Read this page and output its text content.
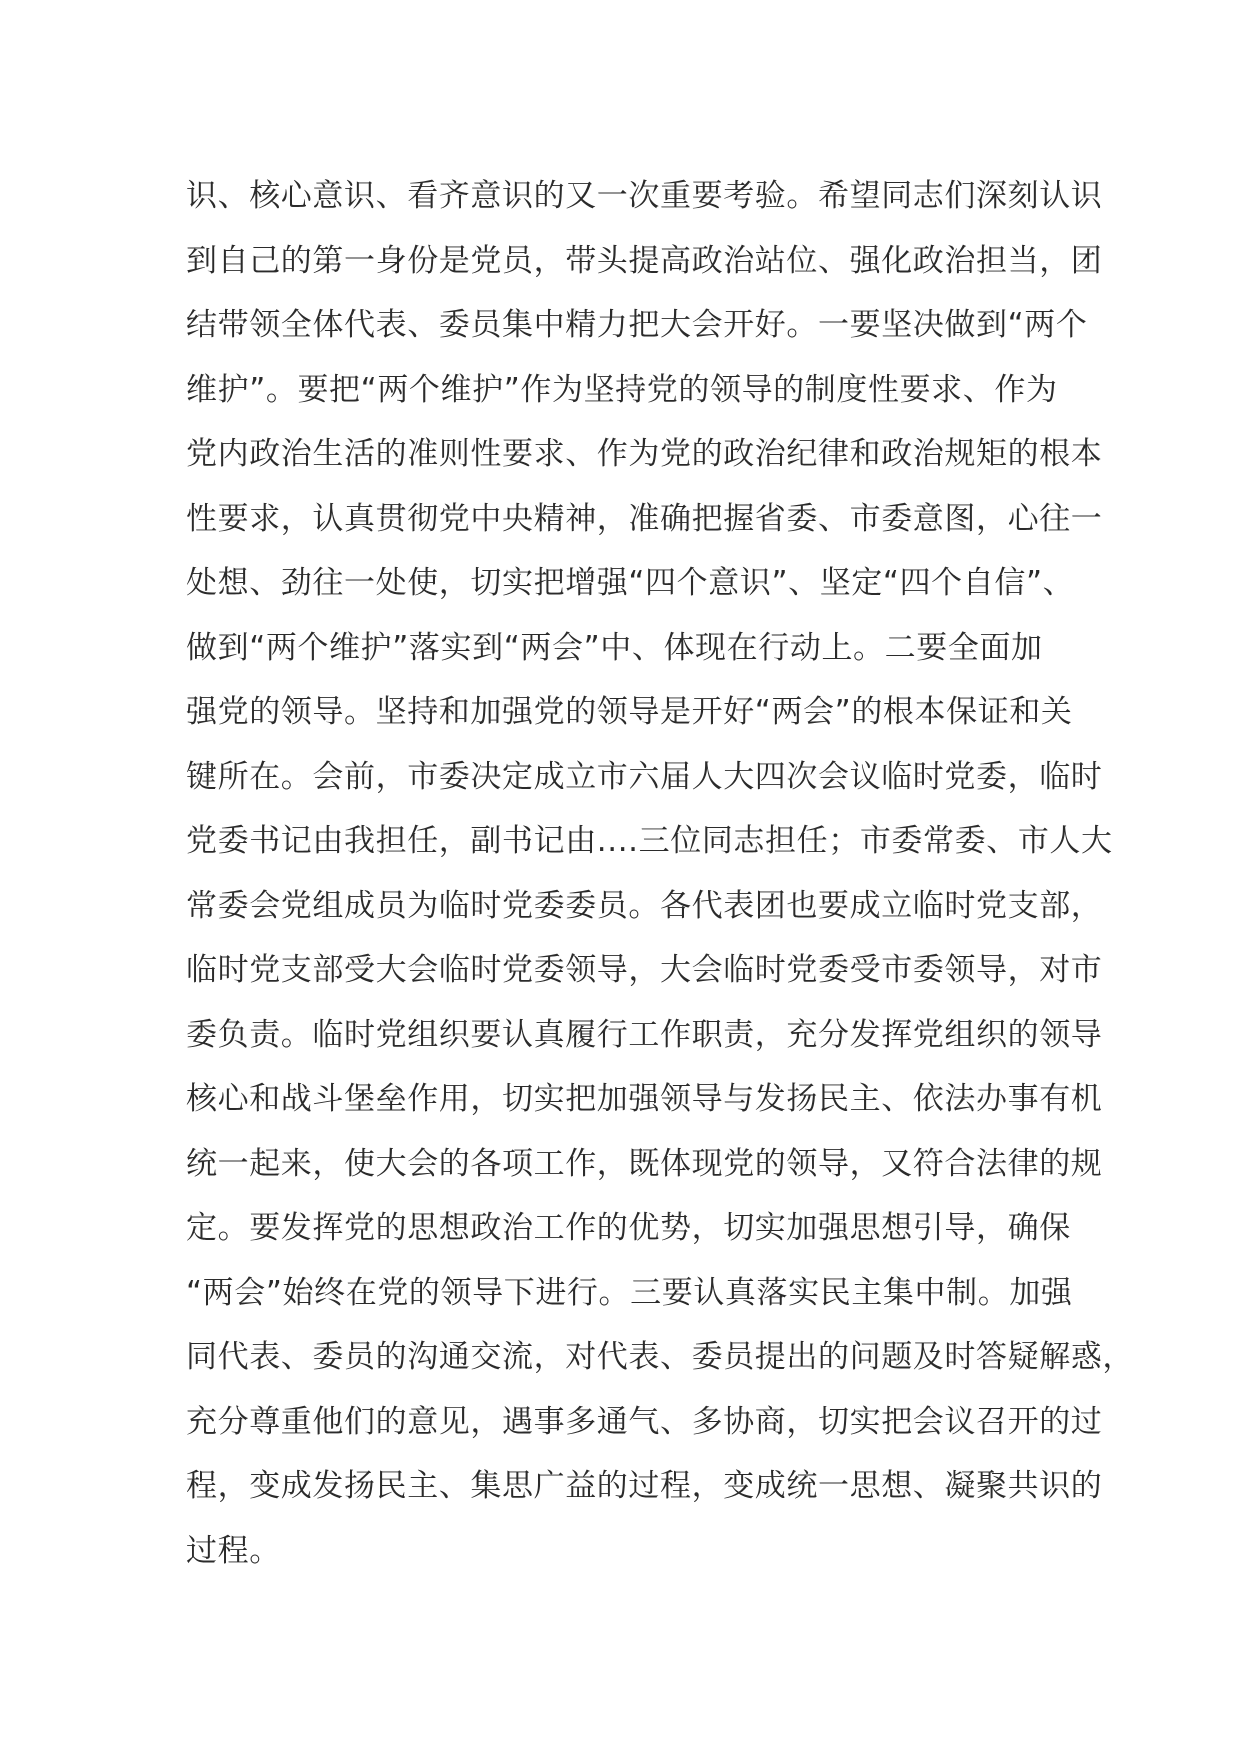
识、核心意识、看齐意识的又一次重要考验。希望同志们深刻认识
到自己的第一身份是党员，带头提高政治站位、强化政治担当，团
结带领全体代表、委员集中精力把大会开好。一要坚决做到“两个
维护”。要把“两个维护”作为坚持党的领导的制度性要求、作为
党内政治生活的准则性要求、作为党的政治纪律和政治规矩的根本
性要求，认真贯彻党中央精神，准确把握省委、市委意图，心往一
处想、劲往一处使，切实把增强“四个意识”、坚定“四个自信”、
做到“两个维护”落实到“两会”中、体现在行动上。二要全面加
强党的领导。坚持和加强党的领导是开好“两会”的根本保证和关
键所在。会前，市委决定成立市六届人大四次会议临时党委，临时
党委书记由我担任，副书记由....三位同志担任；市委常委、市人大
常委会党组成员为临时党委委员。各代表团也要成立临时党支部，
临时党支部受大会临时党委领导，大会临时党委受市委领导，对市
委负责。临时党组织要认真履行工作职责，充分发挥党组织的领导
核心和战斗堡垒作用，切实把加强领导与发扬民主、依法办事有机
统一起来，使大会的各项工作，既体现党的领导，又符合法律的规
定。要发挥党的思想政治工作的优势，切实加强思想引导，确保
“两会”始终在党的领导下进行。三要认真落实民主集中制。加强
同代表、委员的沟通交流，对代表、委员提出的问题及时答疑解惑，
充分尊重他们的意见，遇事多通气、多协商，切实把会议召开的过
程，变成发扬民主、集思广益的过程，变成统一思想、凝聚共识的
过程。
